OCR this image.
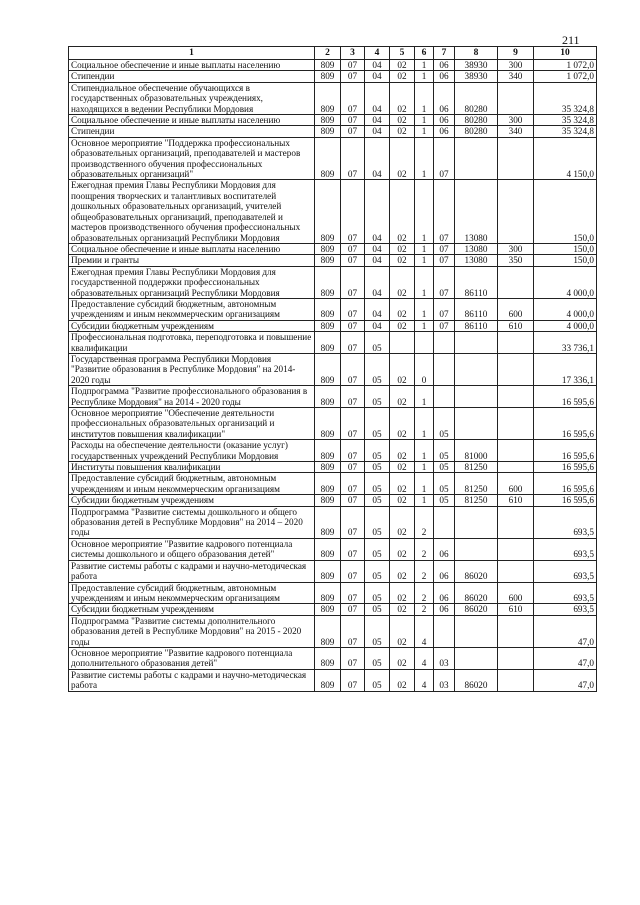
211
1	2	3	4	5	6	7	8	9	10
Социальное обеспечение и иные выплаты населению	809	07	04	02	1	06	38930	300	1 072,0
Стипендии	809	07	04	02	1	06	38930	340	1 072,0
Стипендиальное обеспечение обучающихся в государственных образовательных учреждениях, находящихся в ведении Республики Мордовия	809	07	04	02	1	06	80280		35 324,8
Социальное обеспечение и иные выплаты населению	809	07	04	02	1	06	80280	300	35 324,8
Стипендии	809	07	04	02	1	06	80280	340	35 324,8
Основное мероприятие "Поддержка профессиональных образовательных организаций, преподавателей и мастеров производственного обучения профессиональных образовательных организаций"	809	07	04	02	1	07			4 150,0
Ежегодная премия Главы Республики Мордовия для поощрения творческих и талантливых воспитателей дошкольных образовательных организаций, учителей общеобразовательных организаций, преподавателей и мастеров производственного обучения профессиональных образовательных организаций Республики Мордовия	809	07	04	02	1	07	13080		150,0
Социальное обеспечение и иные выплаты населению	809	07	04	02	1	07	13080	300	150,0
Премии и гранты	809	07	04	02	1	07	13080	350	150,0
Ежегодная премия Главы Республики Мордовия для государственной поддержки профессиональных образовательных организаций Республики Мордовия	809	07	04	02	1	07	86110		4 000,0
Предоставление субсидий бюджетным, автономным учреждениям и иным некоммерческим организациям	809	07	04	02	1	07	86110	600	4 000,0
Субсидии бюджетным учреждениям	809	07	04	02	1	07	86110	610	4 000,0
Профессиональная подготовка, переподготовка и повышение квалификации	809	07	05						33 736,1
Государственная программа Республики Мордовия "Развитие образования в Республике Мордовия" на 2014-2020 годы	809	07	05	02	0				17 336,1
Подпрограмма "Развитие профессионального образования в Республике Мордовия" на 2014 - 2020 годы	809	07	05	02	1				16 595,6
Основное мероприятие "Обеспечение деятельности профессиональных образовательных организаций и институтов повышения квалификации"	809	07	05	02	1	05			16 595,6
Расходы на обеспечение деятельности (оказание услуг) государственных учреждений Республики Мордовия	809	07	05	02	1	05	81000		16 595,6
Институты повышения квалификации	809	07	05	02	1	05	81250		16 595,6
Предоставление субсидий бюджетным, автономным учреждениям и иным некоммерческим организациям	809	07	05	02	1	05	81250	600	16 595,6
Субсидии бюджетным учреждениям	809	07	05	02	1	05	81250	610	16 595,6
Подпрограмма "Развитие системы дошкольного и общего образования детей в Республике Мордовия" на 2014 – 2020 годы	809	07	05	02	2				693,5
Основное мероприятие "Развитие кадрового потенциала системы дошкольного и общего образования детей"	809	07	05	02	2	06			693,5
Развитие системы работы с кадрами и научно-методическая работа	809	07	05	02	2	06	86020		693,5
Предоставление субсидий бюджетным, автономным учреждениям и иным некоммерческим организациям	809	07	05	02	2	06	86020	600	693,5
Субсидии бюджетным учреждениям	809	07	05	02	2	06	86020	610	693,5
Подпрограмма "Развитие системы дополнительного образования детей в Республике Мордовия" на 2015 - 2020 годы	809	07	05	02	4				47,0
Основное мероприятие "Развитие кадрового потенциала дополнительного образования детей"	809	07	05	02	4	03			47,0
Развитие системы работы с кадрами и научно-методическая работа	809	07	05	02	4	03	86020		47,0
